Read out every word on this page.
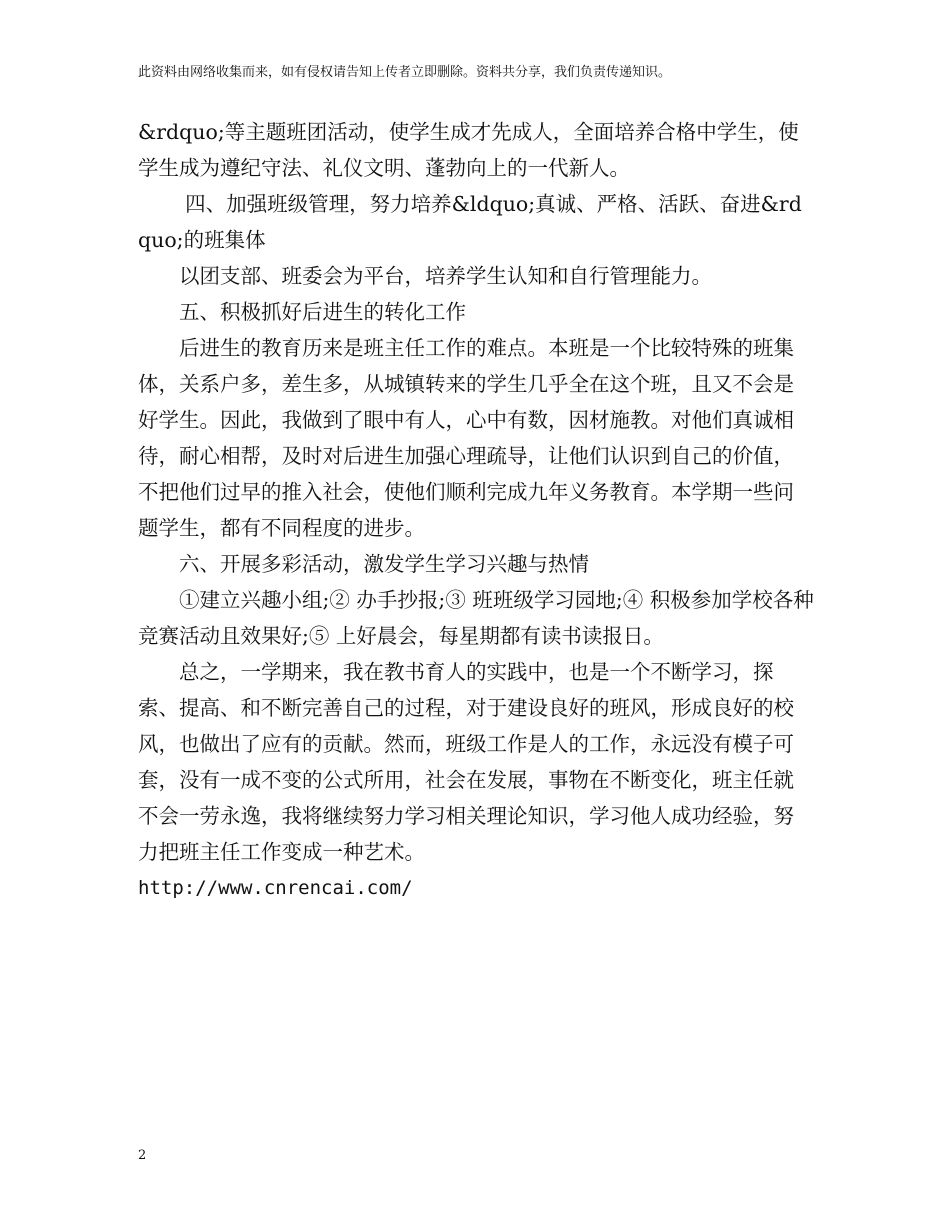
此资料由网络收集而来，如有侵权请告知上传者立即删除。资料共分享，我们负责传递知识。

&rdquo;等主题班团活动，使学生成才先成人，全面培养合格中学生，使学生成为遵纪守法、礼仪文明、蓬勃向上的一代新人。

四、加强班级管理，努力培养&ldquo;真诚、严格、活跃、奋进&rdquo;的班集体

以团支部、班委会为平台，培养学生认知和自行管理能力。

五、积极抓好后进生的转化工作

后进生的教育历来是班主任工作的难点。本班是一个比较特殊的班集体，关系户多，差生多，从城镇转来的学生几乎全在这个班，且又不会是好学生。因此，我做到了眼中有人，心中有数，因材施教。对他们真诚相待，耐心相帮，及时对后进生加强心理疏导，让他们认识到自己的价值，不把他们过早的推入社会，使他们顺利完成九年义务教育。本学期一些问题学生，都有不同程度的进步。

六、开展多彩活动，激发学生学习兴趣与热情

①建立兴趣小组;② 办手抄报;③ 班班级学习园地;④ 积极参加学校各种竞赛活动且效果好;⑤ 上好晨会，每星期都有读书读报日。

总之，一学期来，我在教书育人的实践中，也是一个不断学习，探索、提高、和不断完善自己的过程，对于建设良好的班风，形成良好的校风，也做出了应有的贡献。然而，班级工作是人的工作，永远没有模子可套，没有一成不变的公式所用，社会在发展，事物在不断变化，班主任就不会一劳永逸，我将继续努力学习相关理论知识，学习他人成功经验，努力把班主任工作变成一种艺术。

http://www.cnrencai.com/

2
